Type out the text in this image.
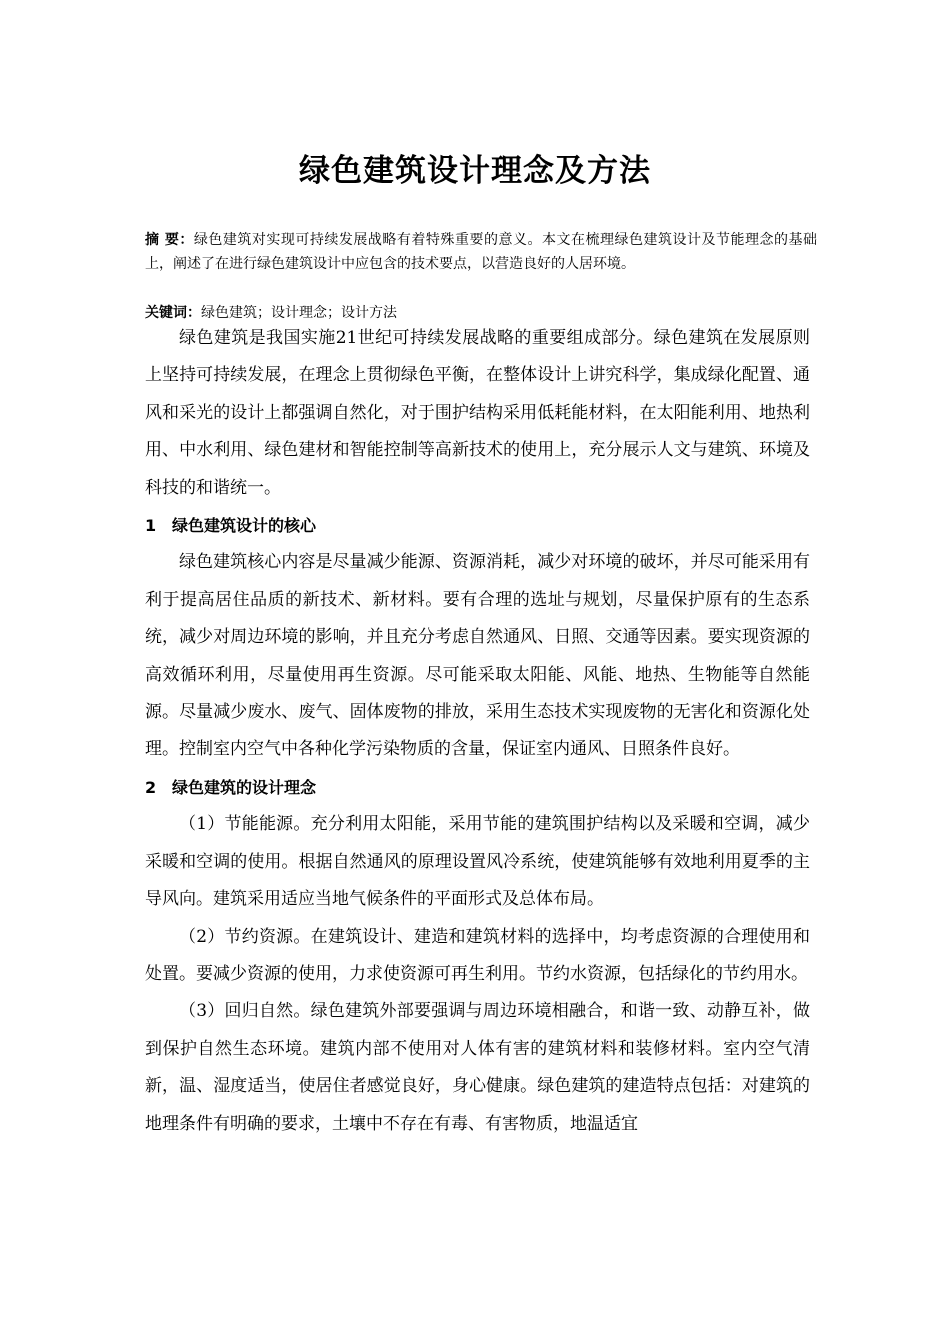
绿色建筑设计理念及方法
摘 要：绿色建筑对实现可持续发展战略有着特殊重要的意义。本文在梳理绿色建筑设计及节能理念的基础上，阐述了在进行绿色建筑设计中应包含的技术要点，以营造良好的人居环境。
关键词：绿色建筑；设计理念；设计方法

绿色建筑是我国实施21世纪可持续发展战略的重要组成部分。绿色建筑在发展原则上坚持可持续发展，在理念上贯彻绿色平衡，在整体设计上讲究科学，集成绿化配置、通风和采光的设计上都强调自然化，对于围护结构采用低耗能材料，在太阳能利用、地热利用、中水利用、绿色建材和智能控制等高新技术的使用上，充分展示人文与建筑、环境及科技的和谐统一。

1 绿色建筑设计的核心

绿色建筑核心内容是尽量减少能源、资源消耗，减少对环境的破坏，并尽可能采用有利于提高居住品质的新技术、新材料。要有合理的选址与规划，尽量保护原有的生态系统，减少对周边环境的影响，并且充分考虑自然通风、日照、交通等因素。要实现资源的高效循环利用，尽量使用再生资源。尽可能采取太阳能、风能、地热、生物能等自然能源。尽量减少废水、废气、固体废物的排放，采用生态技术实现废物的无害化和资源化处理。控制室内空气中各种化学污染物质的含量，保证室内通风、日照条件良好。

2 绿色建筑的设计理念

（1）节能能源。充分利用太阳能，采用节能的建筑围护结构以及采暖和空调，减少采暖和空调的使用。根据自然通风的原理设置风冷系统，使建筑能够有效地利用夏季的主导风向。建筑采用适应当地气候条件的平面形式及总体布局。

（2）节约资源。在建筑设计、建造和建筑材料的选择中，均考虑资源的合理使用和处置。要减少资源的使用，力求使资源可再生利用。节约水资源，包括绿化的节约用水。

（3）回归自然。绿色建筑外部要强调与周边环境相融合，和谐一致、动静互补，做到保护自然生态环境。建筑内部不使用对人体有害的建筑材料和装修材料。室内空气清新，温、湿度适当，使居住者感觉良好，身心健康。绿色建筑的建造特点包括：对建筑的地理条件有明确的要求，土壤中不存在有毒、有害物质，地温适宜
